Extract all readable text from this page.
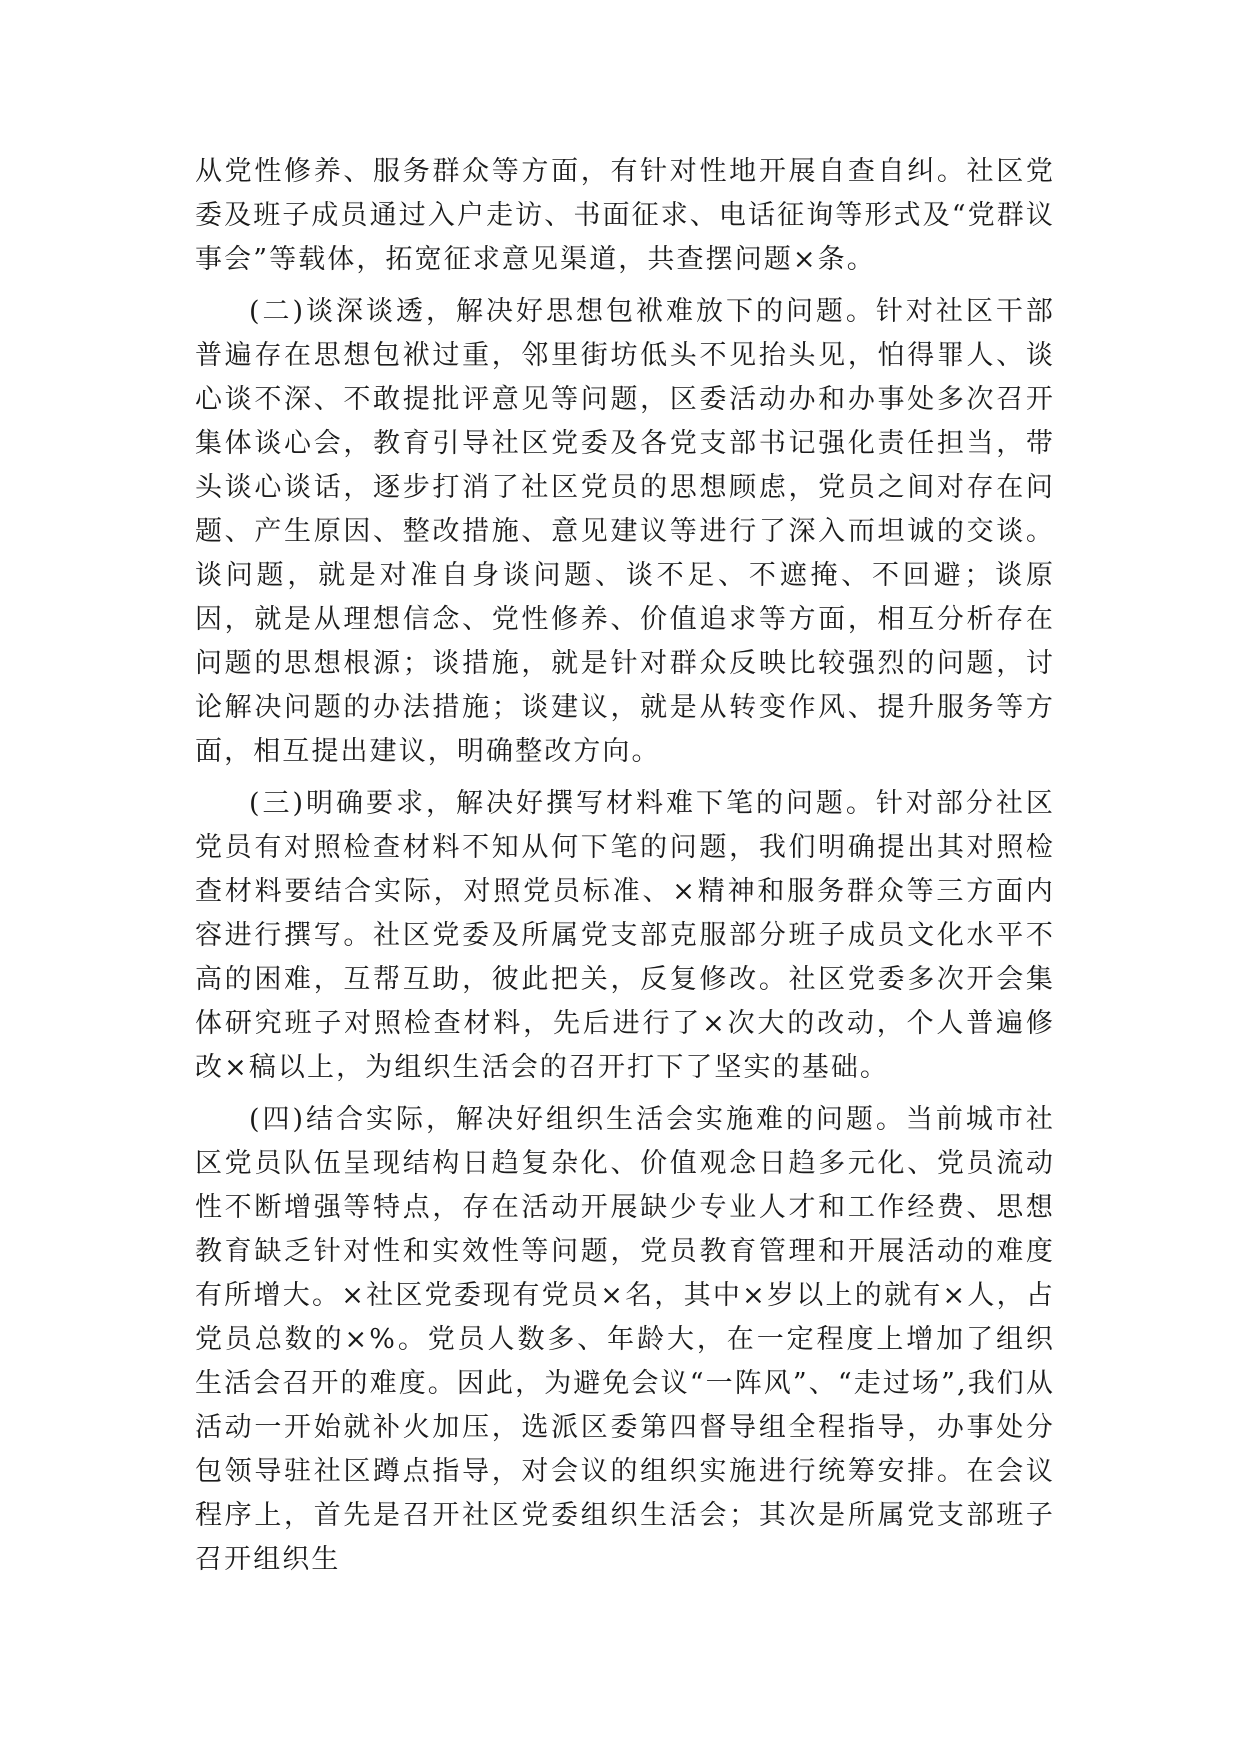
从党性修养、服务群众等方面，有针对性地开展自查自纠。社区党委及班子成员通过入户走访、书面征求、电话征询等形式及“党群议事会”等载体，拓宽征求意见渠道，共查摆问题×条。

(二)谈深谈透，解决好思想包袱难放下的问题。针对社区干部普遍存在思想包袱过重，邻里街坊低头不见抬头见，怕得罪人、谈心谈不深、不敢提批评意见等问题，区委活动办和办事处多次召开集体谈心会，教育引导社区党委及各党支部书记强化责任担当，带头谈心谈话，逐步打消了社区党员的思想顾虑，党员之间对存在问题、产生原因、整改措施、意见建议等进行了深入而坦诚的交谈。谈问题，就是对准自身谈问题、谈不足、不遮掩、不回避；谈原因，就是从理想信念、党性修养、价值追求等方面，相互分析存在问题的思想根源；谈措施，就是针对群众反映比较强烈的问题，讨论解决问题的办法措施；谈建议，就是从转变作风、提升服务等方面，相互提出建议，明确整改方向。

(三)明确要求，解决好撰写材料难下笔的问题。针对部分社区党员有对照检查材料不知从何下笔的问题，我们明确提出其对照检查材料要结合实际，对照党员标准、×精神和服务群众等三方面内容进行撰写。社区党委及所属党支部克服部分班子成员文化水平不高的困难，互帮互助，彼此把关，反复修改。社区党委多次开会集体研究班子对照检查材料，先后进行了×次大的改动，个人普遍修改×稿以上，为组织生活会的召开打下了坚实的基础。

(四)结合实际，解决好组织生活会实施难的问题。当前城市社区党员队伍呈现结构日趋复杂化、价值观念日趋多元化、党员流动性不断增强等特点，存在活动开展缺少专业人才和工作经费、思想教育缺乏针对性和实效性等问题，党员教育管理和开展活动的难度有所增大。×社区党委现有党员×名，其中×岁以上的就有×人，占党员总数的×%。党员人数多、年龄大，在一定程度上增加了组织生活会召开的难度。因此，为避免会议“一阵风”、“走过场”,我们从活动一开始就补火加压，选派区委第四督导组全程指导，办事处分包领导驻社区蹲点指导，对会议的组织实施进行统筹安排。在会议程序上，首先是召开社区党委组织生活会；其次是所属党支部班子召开组织生
